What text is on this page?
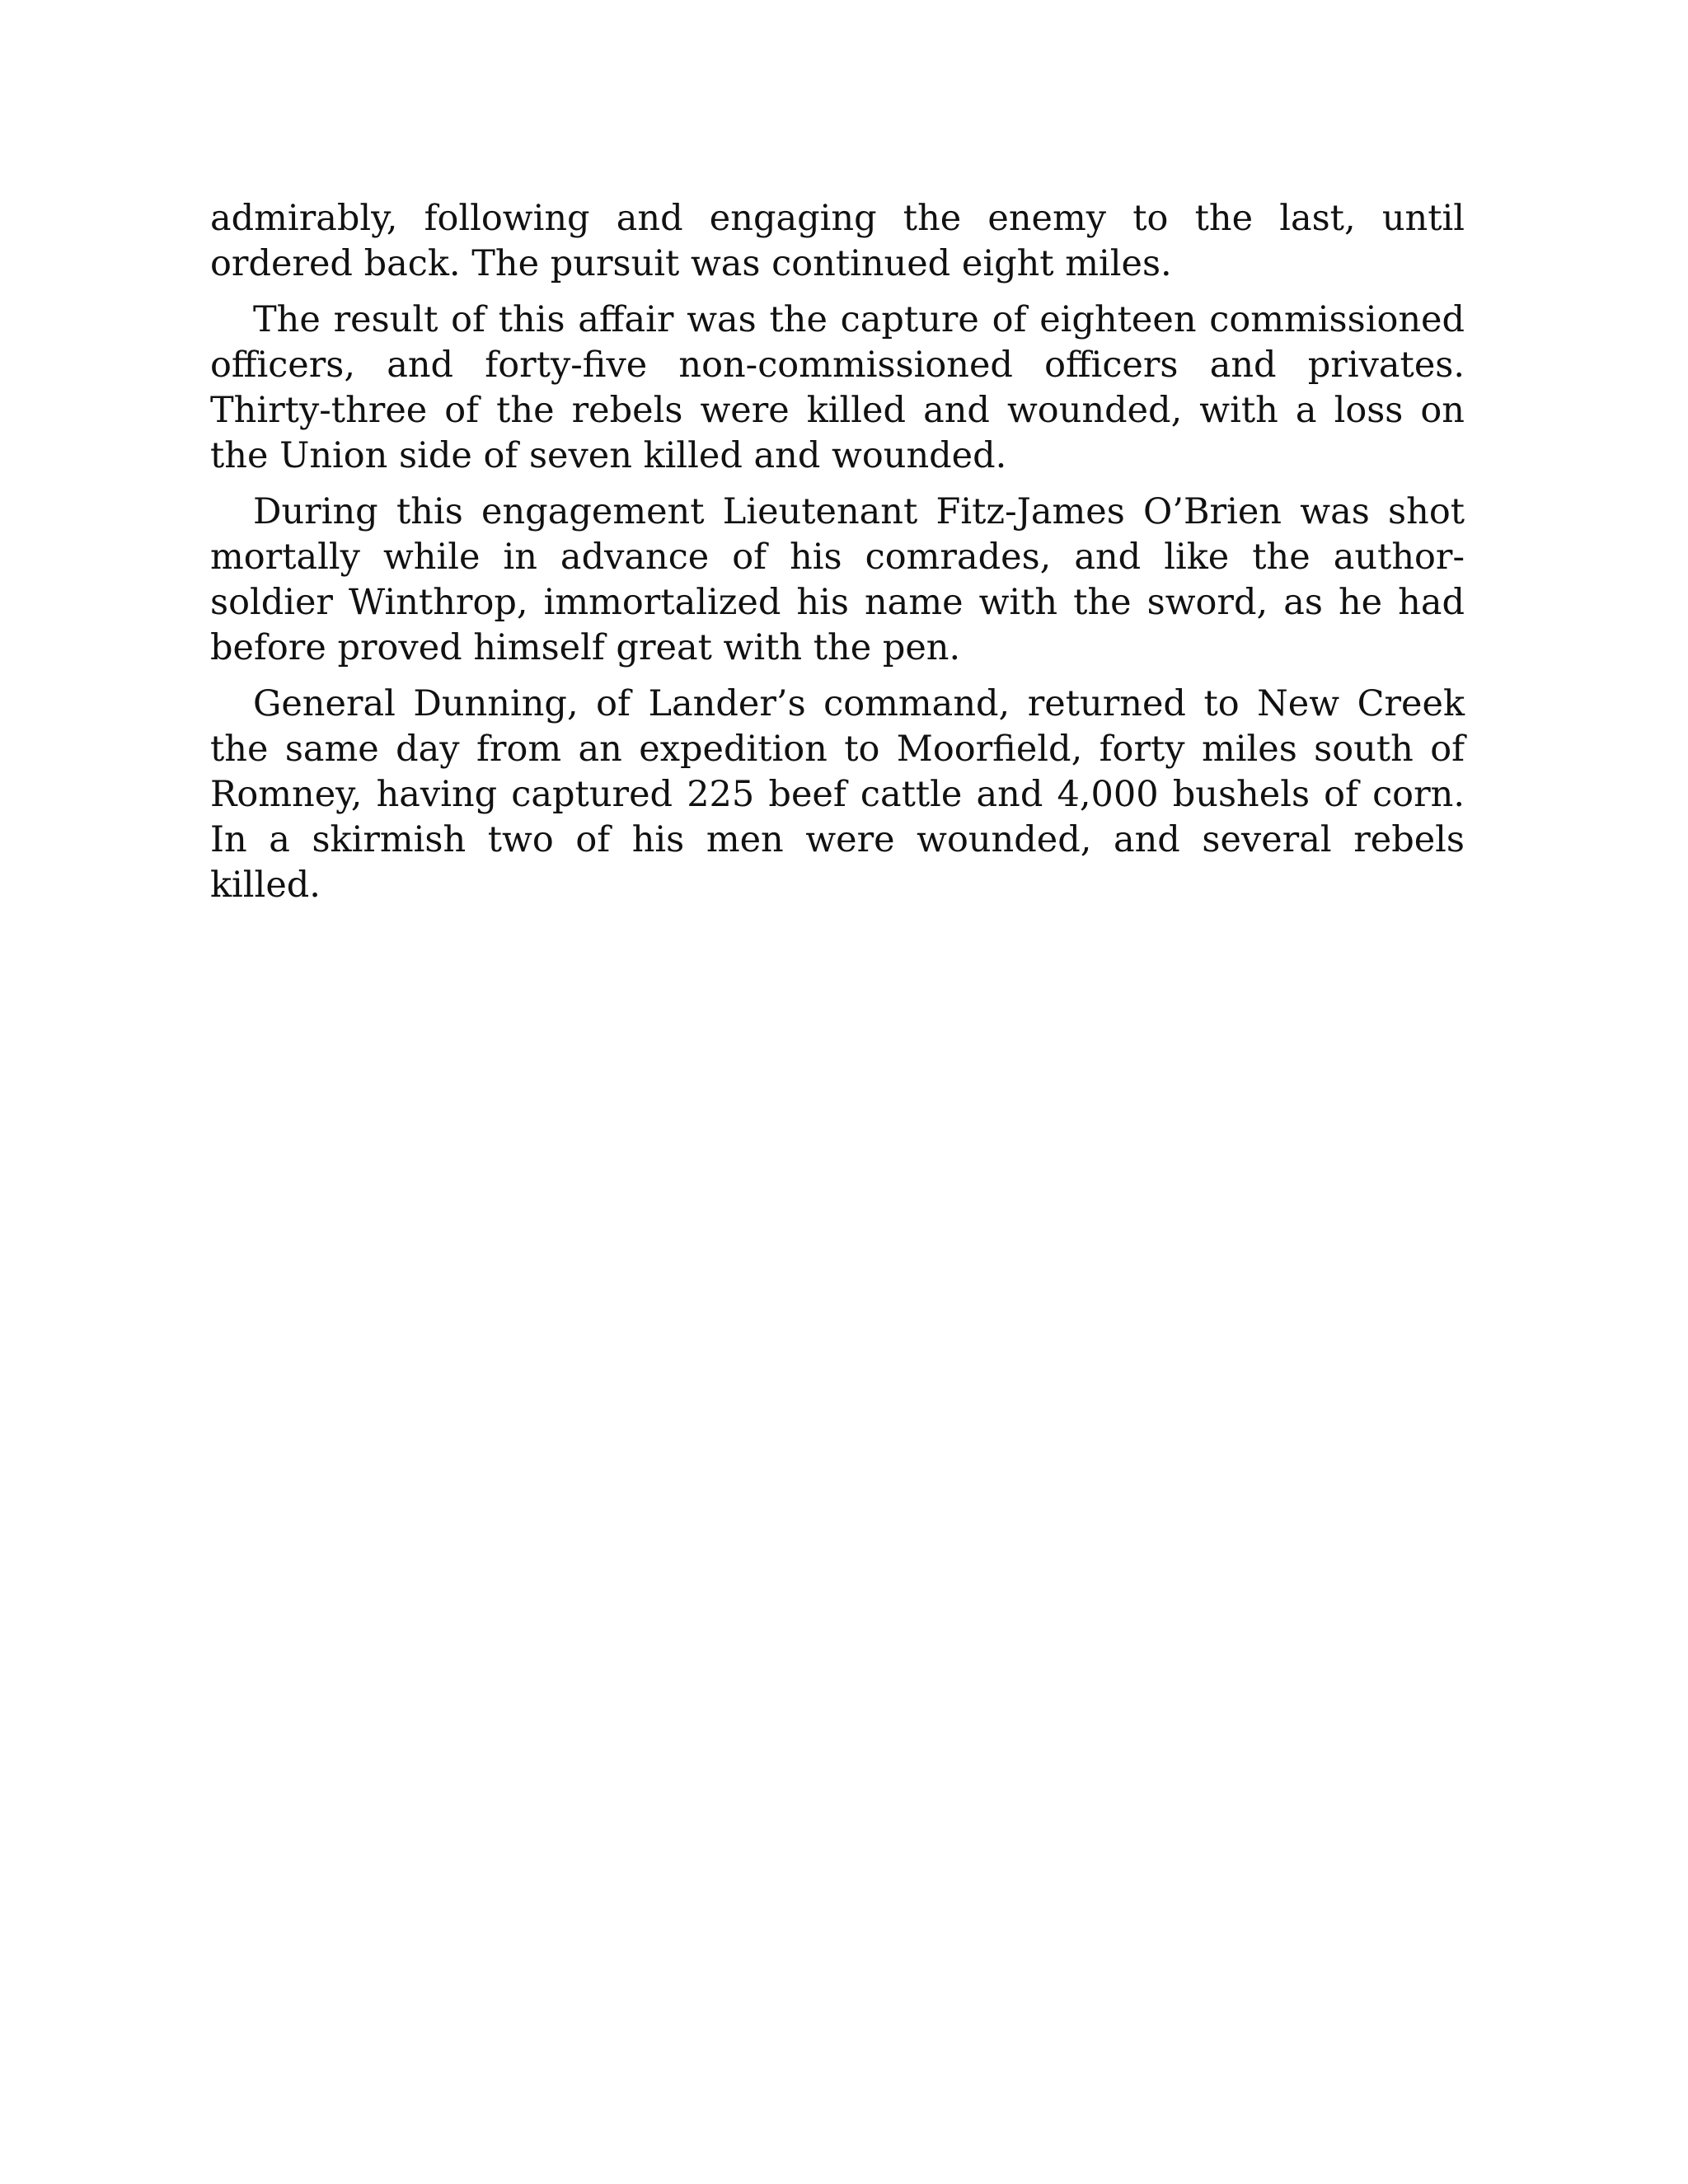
admirably, following and engaging the enemy to the last, until ordered back. The pursuit was continued eight miles.

The result of this affair was the capture of eighteen commissioned officers, and forty-five non-commissioned officers and privates. Thirty-three of the rebels were killed and wounded, with a loss on the Union side of seven killed and wounded.

During this engagement Lieutenant Fitz-James O’Brien was shot mortally while in advance of his comrades, and like the author-soldier Winthrop, immortalized his name with the sword, as he had before proved himself great with the pen.

General Dunning, of Lander’s command, returned to New Creek the same day from an expedition to Moorfield, forty miles south of Romney, having captured 225 beef cattle and 4,000 bushels of corn. In a skirmish two of his men were wounded, and several rebels killed.
